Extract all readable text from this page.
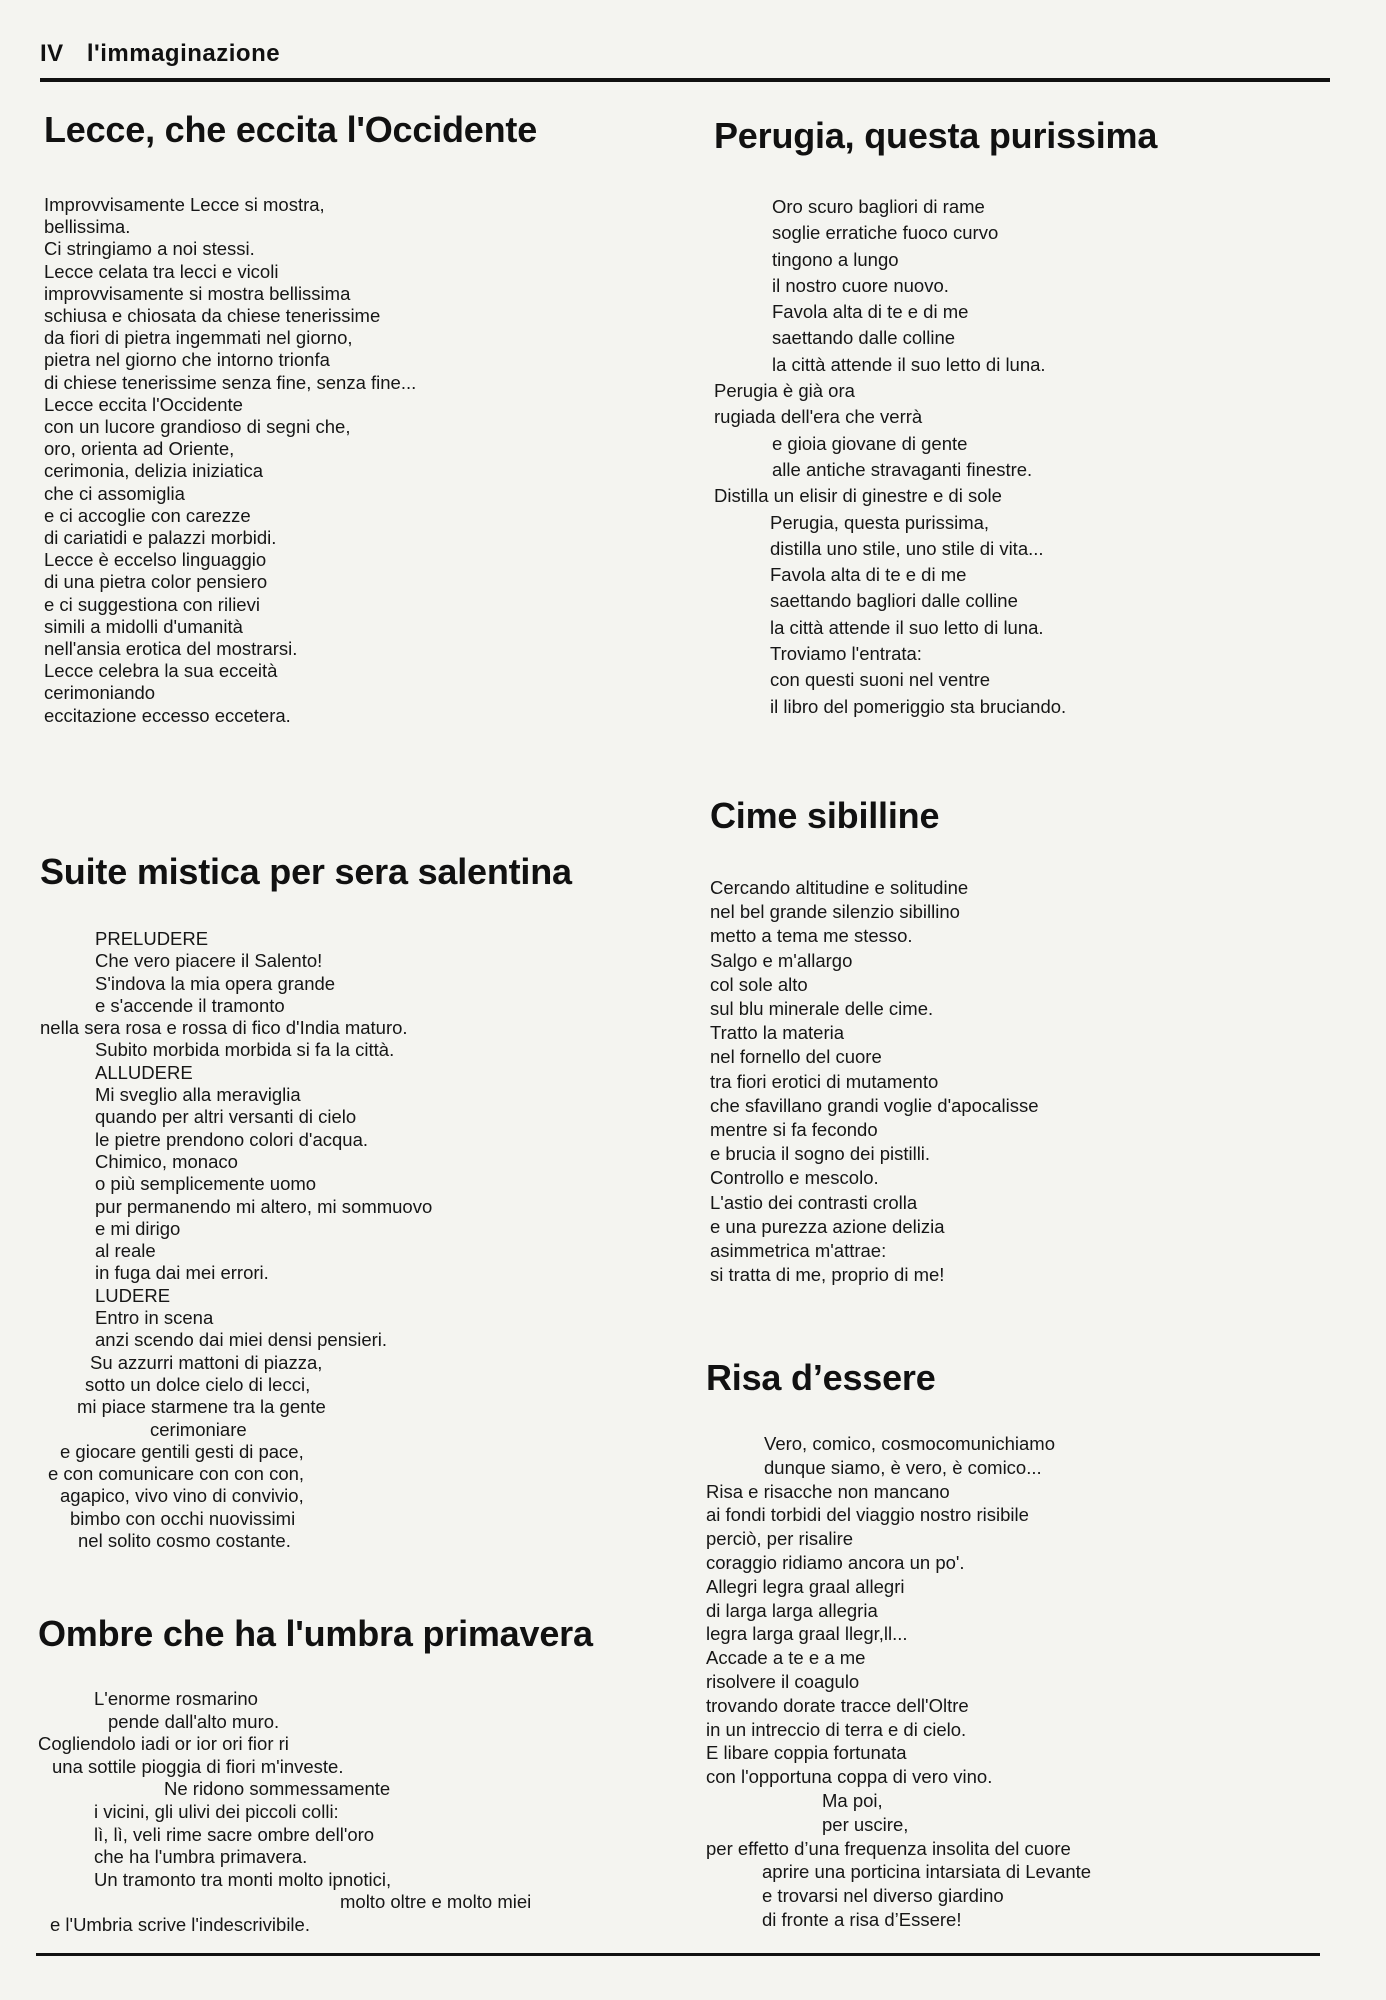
IV l'immaginazione
Lecce, che eccita l'Occidente
Improvvisamente Lecce si mostra,
bellissima.
Ci stringiamo a noi stessi.
Lecce celata tra lecci e vicoli
improvvisamente si mostra bellissima
schiusa e chiosata da chiese tenerissime
da fiori di pietra ingemmati nel giorno,
pietra nel giorno che intorno trionfa
di chiese tenerissime senza fine, senza fine...
Lecce eccita l'Occidente
con un lucore grandioso di segni che,
oro, orienta ad Oriente,
cerimonia, delizia iniziatica
che ci assomiglia
e ci accoglie con carezze
di cariatidi e palazzi morbidi.
Lecce è eccelso linguaggio
di una pietra color pensiero
e ci suggestiona con rilievi
simili a midolli d'umanità
nell'ansia erotica del mostrarsi.
Lecce celebra la sua ecceità
cerimoniando
eccitazione eccesso eccetera.
Suite mistica per sera salentina
PRELUDERE
Che vero piacere il Salento!
S'indova la mia opera grande
e s'accende il tramonto
nella sera rosa e rossa di fico d'India maturo.
Subito morbida morbida si fa la città.
ALLUDERE
Mi sveglio alla meraviglia
quando per altri versanti di cielo
le pietre prendono colori d'acqua.
Chimico, monaco
o più semplicemente uomo
pur permanendo mi altero, mi sommuovo
e mi dirigo
al reale
in fuga dai mei errori.
LUDERE
Entro in scena
anzi scendo dai miei densi pensieri.
Su azzurri mattoni di piazza,
sotto un dolce cielo di lecci,
mi piace starmene tra la gente
cerimoniare
e giocare gentili gesti di pace,
e con comunicare con con con,
agapico, vivo vino di convivio,
bimbo con occhi nuovissimi
nel solito cosmo costante.
Ombre che ha l'umbra primavera
L'enorme rosmarino
pende dall'alto muro.
Cogliendolo iadi or ior ori fior ri
una sottile pioggia di fiori m'investe.
Ne ridono sommessamente
i vicini, gli ulivi dei piccoli colli:
lì, lì, veli rime sacre ombre dell'oro
che ha l'umbra primavera.
Un tramonto tra monti molto ipnotici,
molto oltre e molto miei
e l'Umbria scrive l'indescrivibile.
Perugia, questa purissima
Oro scuro bagliori di rame
soglie erratiche fuoco curvo
tingono a lungo
il nostro cuore nuovo.
Favola alta di te e di me
saettando dalle colline
la città attende il suo letto di luna.
Perugia è già ora
rugiada dell'era che verrà
e gioia giovane di gente
alle antiche stravaganti finestre.
Distilla un elisir di ginestre e di sole
Perugia, questa purissima,
distilla uno stile, uno stile di vita...
Favola alta di te e di me
saettando bagliori dalle colline
la città attende il suo letto di luna.
Troviamo l'entrata:
con questi suoni nel ventre
il libro del pomeriggio sta bruciando.
Cime sibilline
Cercando altitudine e solitudine
nel bel grande silenzio sibillino
metto a tema me stesso.
Salgo e m'allargo
col sole alto
sul blu minerale delle cime.
Tratto la materia
nel fornello del cuore
tra fiori erotici di mutamento
che sfavillano grandi voglie d'apocalisse
mentre si fa fecondo
e brucia il sogno dei pistilli.
Controllo e mescolo.
L'astio dei contrasti crolla
e una purezza azione delizia
asimmetrica m'attrae:
si tratta di me, proprio di me!
Risa d’essere
Vero, comico, cosmocomunichiamo
dunque siamo, è vero, è comico...
Risa e risacche non mancano
ai fondi torbidi del viaggio nostro risibile
perciò, per risalire
coraggio ridiamo ancora un po'.
Allegri legra graal allegri
di larga larga allegria
legra larga graal llegr,ll...
Accade a te e a me
risolvere il coagulo
trovando dorate tracce dell'Oltre
in un intreccio di terra e di cielo.
E libare coppia fortunata
con l'opportuna coppa di vero vino.
Ma poi,
per uscire,
per effetto d’una frequenza insolita del cuore
aprire una porticina intarsiata di Levante
e trovarsi nel diverso giardino
di fronte a risa d’Essere!
